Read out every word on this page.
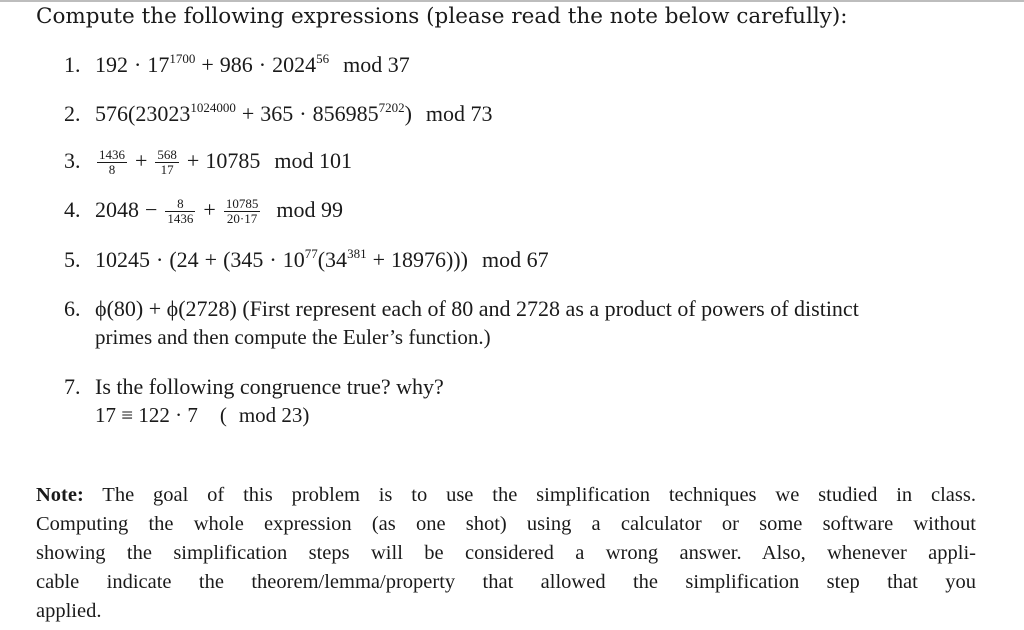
Compute the following expressions (please read the note below carefully):
1. $192 \cdot 17^{1700} + 986 \cdot 2024^{56}$ mod 37
2. $576(23023^{1024000} + 365 \cdot 856985^{7202})$ mod 73
3. $\frac{1436}{8} + \frac{568}{17} + 10785$ mod 101
4. $2048 - \frac{8}{1436} + \frac{10785}{20\cdot 17}$ mod 99
5. $10245 \cdot (24 + (345 \cdot 10^{77}(34^{381} + 18976)))$ mod 67
6. ϕ(80) + ϕ(2728) (First represent each of 80 and 2728 as a product of powers of distinct
primes and then compute the Euler’s function.)
7. Is the following congruence true? why?
17 ≡ 122 · 7 ( mod 23)
Note: The goal of this problem is to use the simplification techniques we studied in class.
Computing the whole expression (as one shot) using a calculator or some software without
showing the simplification steps will be considered a wrong answer. Also, whenever appli-
cable indicate the theorem/lemma/property that allowed the simplification step that you
applied.
